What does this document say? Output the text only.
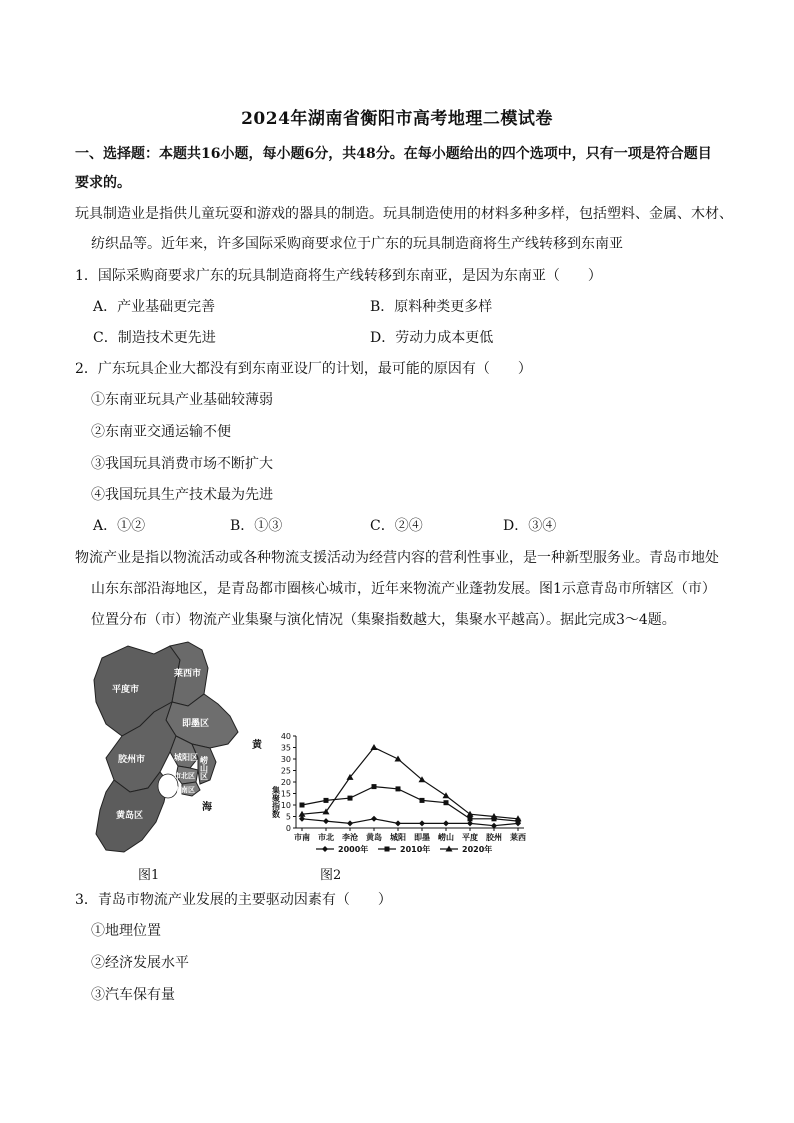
2024年湖南省衡阳市高考地理二模试卷
一、选择题：本题共16小题，每小题6分，共48分。在每小题给出的四个选项中，只有一项是符合题目
要求的。
玩具制造业是指供儿童玩耍和游戏的器具的制造。玩具制造使用的材料多种多样，包括塑料、金属、木材、
纺织品等。近年来，许多国际采购商要求位于广东的玩具制造商将生产线转移到东南亚
1．国际采购商要求广东的玩具制造商将生产线转移到东南亚，是因为东南亚（　　）
A．产业基础更完善	B．原料种类更多样
C．制造技术更先进	D．劳动力成本更低
2．广东玩具企业大都没有到东南亚设厂的计划，最可能的原因有（　　）
①东南亚玩具产业基础较薄弱
②东南亚交通运输不便
③我国玩具消费市场不断扩大
④我国玩具生产技术最为先进
A．①②	B．①③	C．②④	D．③④
物流产业是指以物流活动或各种物流支援活动为经营内容的营利性事业，是一种新型服务业。青岛市地处
山东东部沿海地区，是青岛都市圈核心城市，近年来物流产业蓬勃发展。图1示意青岛市所辖区（市）
位置分布（市）物流产业集聚与演化情况（集聚指数越大，集聚水平越高）。据此完成3～4题。
平度市
莱西市
即墨区
城阳区
胶州市
市北区
市南区
崂山区
黄岛区
黄
海
图1
集聚指数
0
5
10
15
20
25
30
35
40
市南 市北 李沧 黄岛 城阳 即墨 崂山 平度 胶州 莱西
2000年	2010年	2020年
图2
3．青岛市物流产业发展的主要驱动因素有（　　）
①地理位置
②经济发展水平
③汽车保有量
